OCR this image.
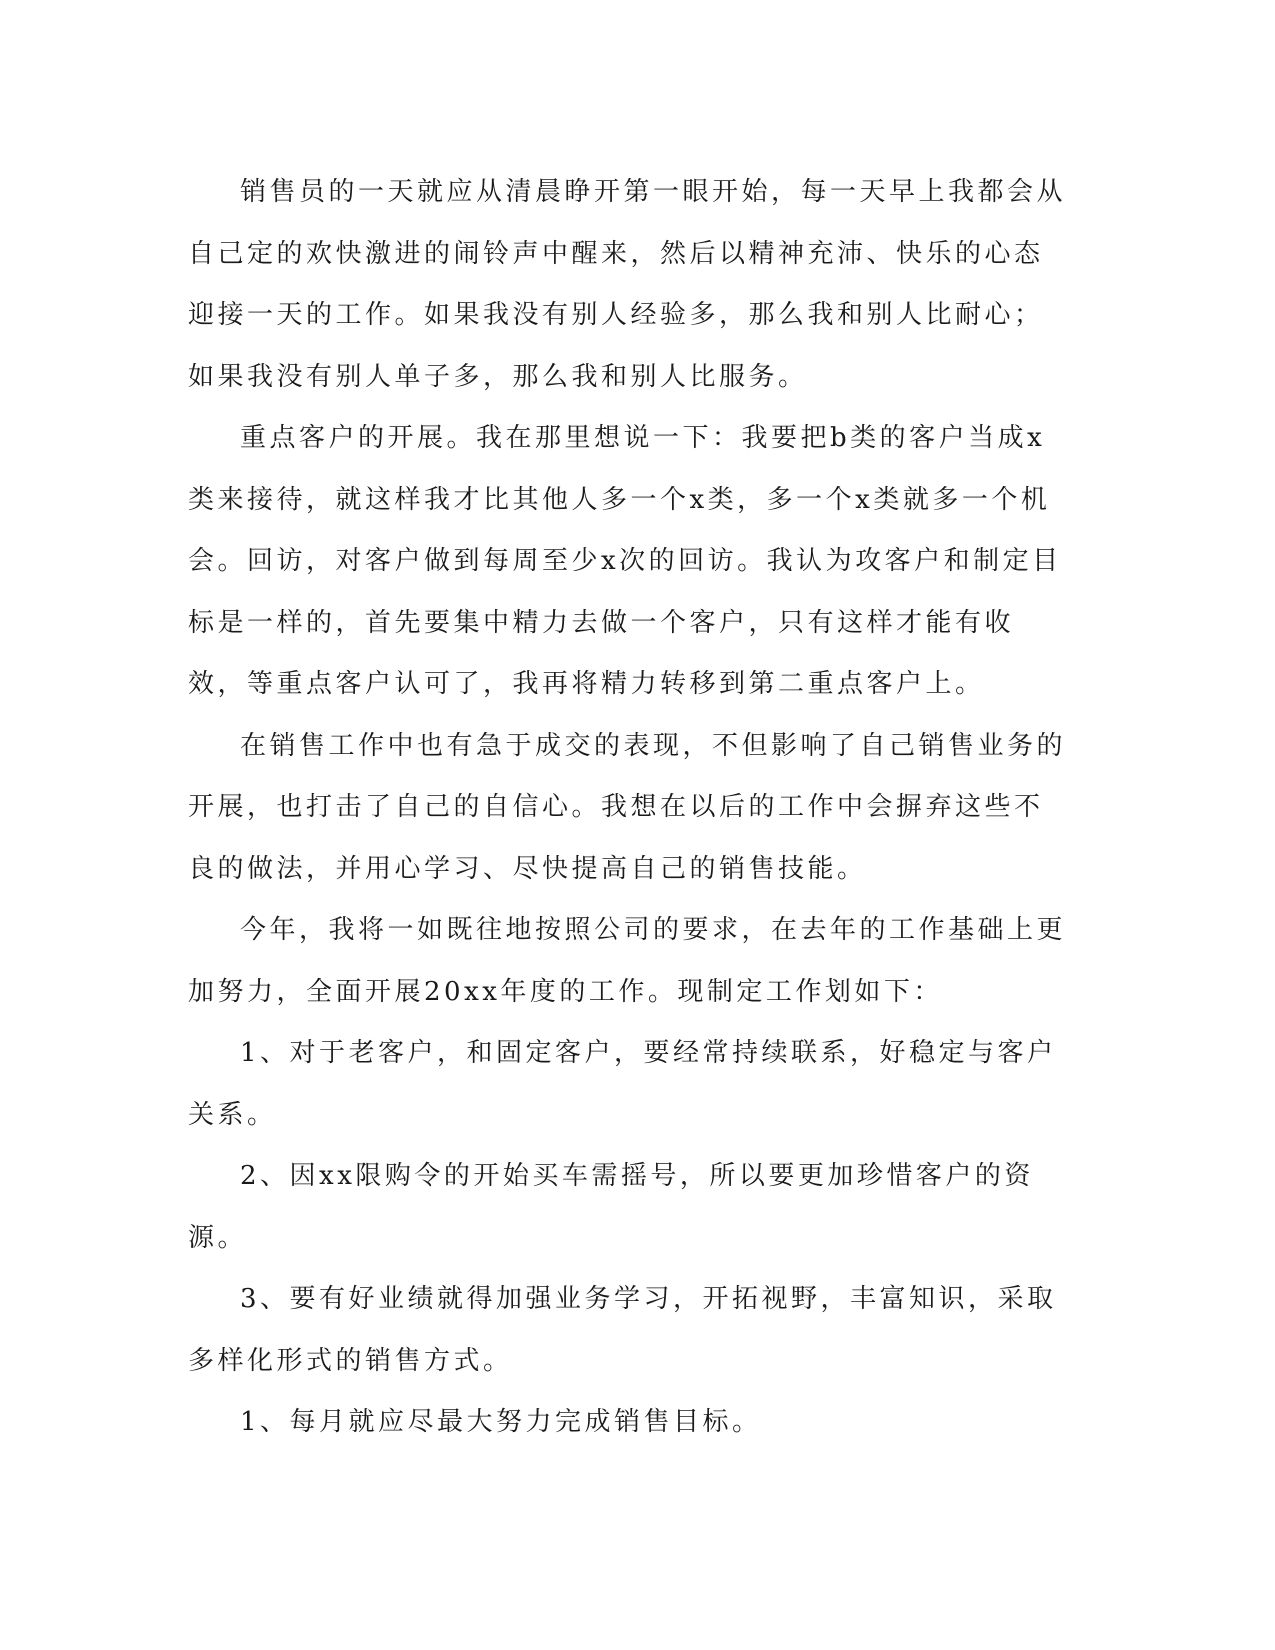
销售员的一天就应从清晨睁开第一眼开始，每一天早上我都会从自己定的欢快激进的闹铃声中醒来，然后以精神充沛、快乐的心态迎接一天的工作。如果我没有别人经验多，那么我和别人比耐心；如果我没有别人单子多，那么我和别人比服务。

重点客户的开展。我在那里想说一下：我要把b类的客户当成x类来接待，就这样我才比其他人多一个x类，多一个x类就多一个机会。回访，对客户做到每周至少x次的回访。我认为攻客户和制定目标是一样的，首先要集中精力去做一个客户，只有这样才能有收效，等重点客户认可了，我再将精力转移到第二重点客户上。

在销售工作中也有急于成交的表现，不但影响了自己销售业务的开展，也打击了自己的自信心。我想在以后的工作中会摒弃这些不良的做法，并用心学习、尽快提高自己的销售技能。

今年，我将一如既往地按照公司的要求，在去年的工作基础上更加努力，全面开展20xx年度的工作。现制定工作划如下：

1、对于老客户，和固定客户，要经常持续联系，好稳定与客户关系。

2、因xx限购令的开始买车需摇号，所以要更加珍惜客户的资源。

3、要有好业绩就得加强业务学习，开拓视野，丰富知识，采取多样化形式的销售方式。

1、每月就应尽最大努力完成销售目标。
